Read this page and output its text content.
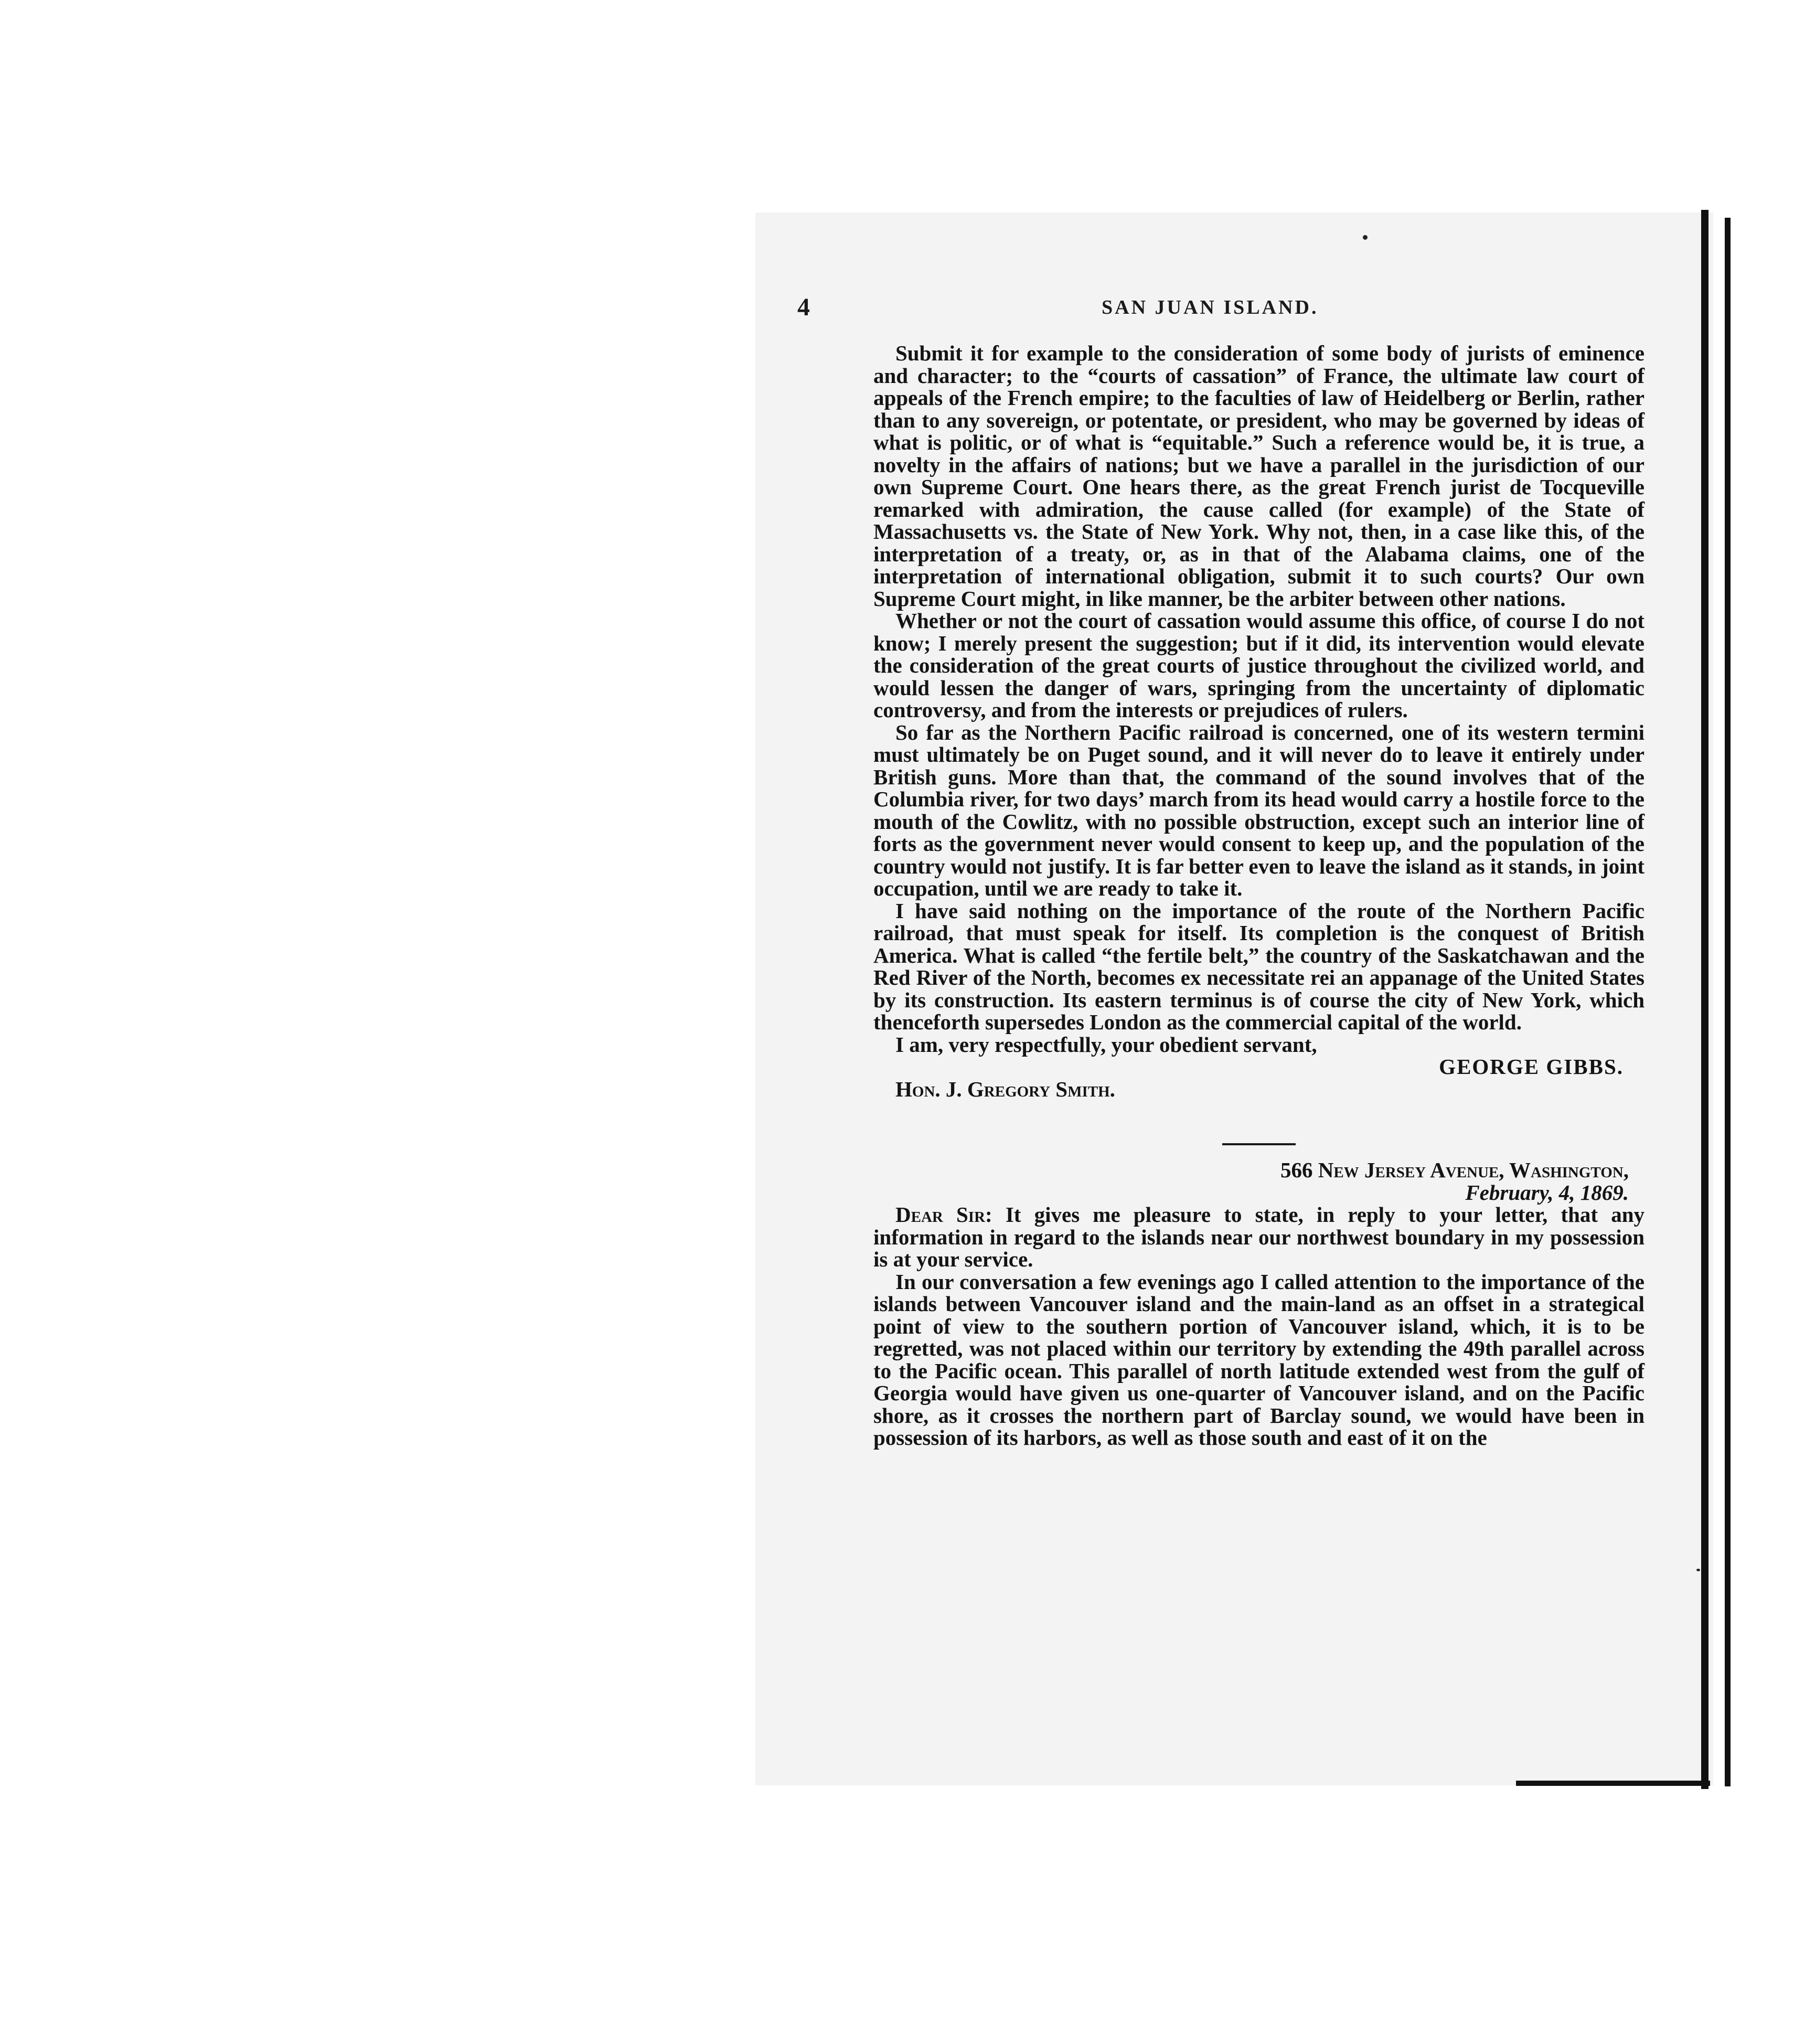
4	SAN JUAN ISLAND.

Submit it for example to the consideration of some body of jurists of eminence and character; to the “courts of cassation” of France, the ultimate law court of appeals of the French empire; to the faculties of law of Heidelberg or Berlin, rather than to any sovereign, or potentate, or president, who may be governed by ideas of what is politic, or of what is “equitable.” Such a reference would be, it is true, a novelty in the affairs of nations; but we have a parallel in the jurisdiction of our own Supreme Court. One hears there, as the great French jurist de Tocqueville remarked with admiration, the cause called (for example) of the State of Massachusetts vs. the State of New York. Why not, then, in a case like this, of the interpretation of a treaty, or, as in that of the Alabama claims, one of the interpretation of international obligation, submit it to such courts? Our own Supreme Court might, in like manner, be the arbiter between other nations.

Whether or not the court of cassation would assume this office, of course I do not know; I merely present the suggestion; but if it did, its intervention would elevate the consideration of the great courts of justice throughout the civilized world, and would lessen the danger of wars, springing from the uncertainty of diplomatic controversy, and from the interests or prejudices of rulers.

So far as the Northern Pacific railroad is concerned, one of its western termini must ultimately be on Puget sound, and it will never do to leave it entirely under British guns. More than that, the command of the sound involves that of the Columbia river, for two days’ march from its head would carry a hostile force to the mouth of the Cowlitz, with no possible obstruction, except such an interior line of forts as the government never would consent to keep up, and the population of the country would not justify. It is far better even to leave the island as it stands, in joint occupation, until we are ready to take it.

I have said nothing on the importance of the route of the Northern Pacific railroad, that must speak for itself. Its completion is the conquest of British America. What is called “the fertile belt,” the country of the Saskatchawan and the Red River of the North, becomes ex necessitate rei an appanage of the United States by its construction. Its eastern terminus is of course the city of New York, which thenceforth supersedes London as the commercial capital of the world.

I am, very respectfully, your obedient servant,

GEORGE GIBBS.

Hon. J. Gregory Smith.

566 New Jersey Avenue, Washington,

February, 4, 1869.

Dear Sir: It gives me pleasure to state, in reply to your letter, that any information in regard to the islands near our northwest boundary in my possession is at your service.

In our conversation a few evenings ago I called attention to the importance of the islands between Vancouver island and the main-land as an offset in a strategical point of view to the southern portion of Vancouver island, which, it is to be regretted, was not placed within our territory by extending the 49th parallel across to the Pacific ocean. This parallel of north latitude extended west from the gulf of Georgia would have given us one-quarter of Vancouver island, and on the Pacific shore, as it crosses the northern part of Barclay sound, we would have been in possession of its harbors, as well as those south and east of it on the
